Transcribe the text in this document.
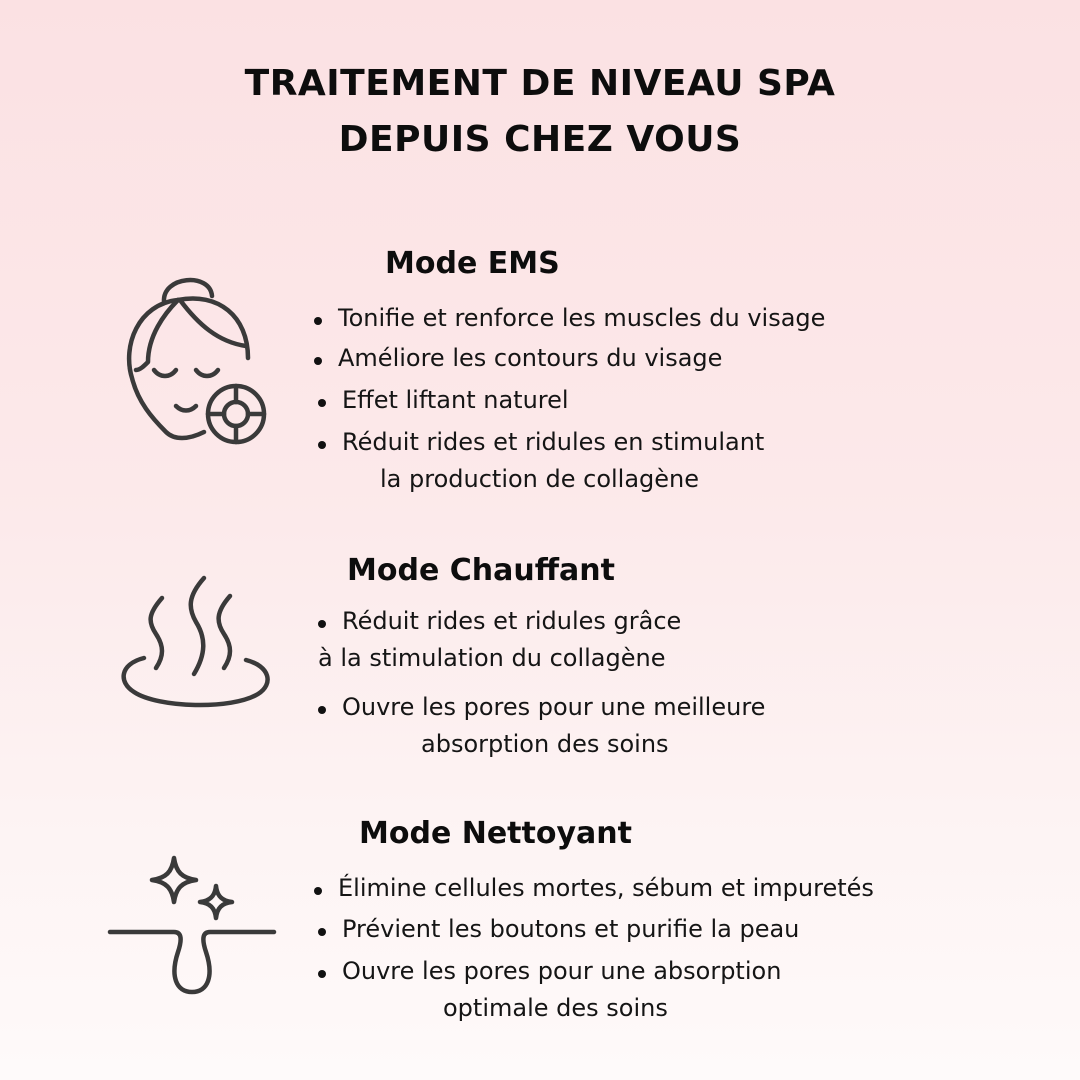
TRAITEMENT DE NIVEAU SPA
DEPUIS CHEZ VOUS
Mode EMS
Tonifie et renforce les muscles du visage
Améliore les contours du visage
Effet liftant naturel
Réduit rides et ridules en stimulant
la production de collagène
Mode Chauffant
Réduit rides et ridules grâce
à la stimulation du collagène
Ouvre les pores pour une meilleure
absorption des soins
Mode Nettoyant
Élimine cellules mortes, sébum et impuretés
Prévient les boutons et purifie la peau
Ouvre les pores pour une absorption
optimale des soins
